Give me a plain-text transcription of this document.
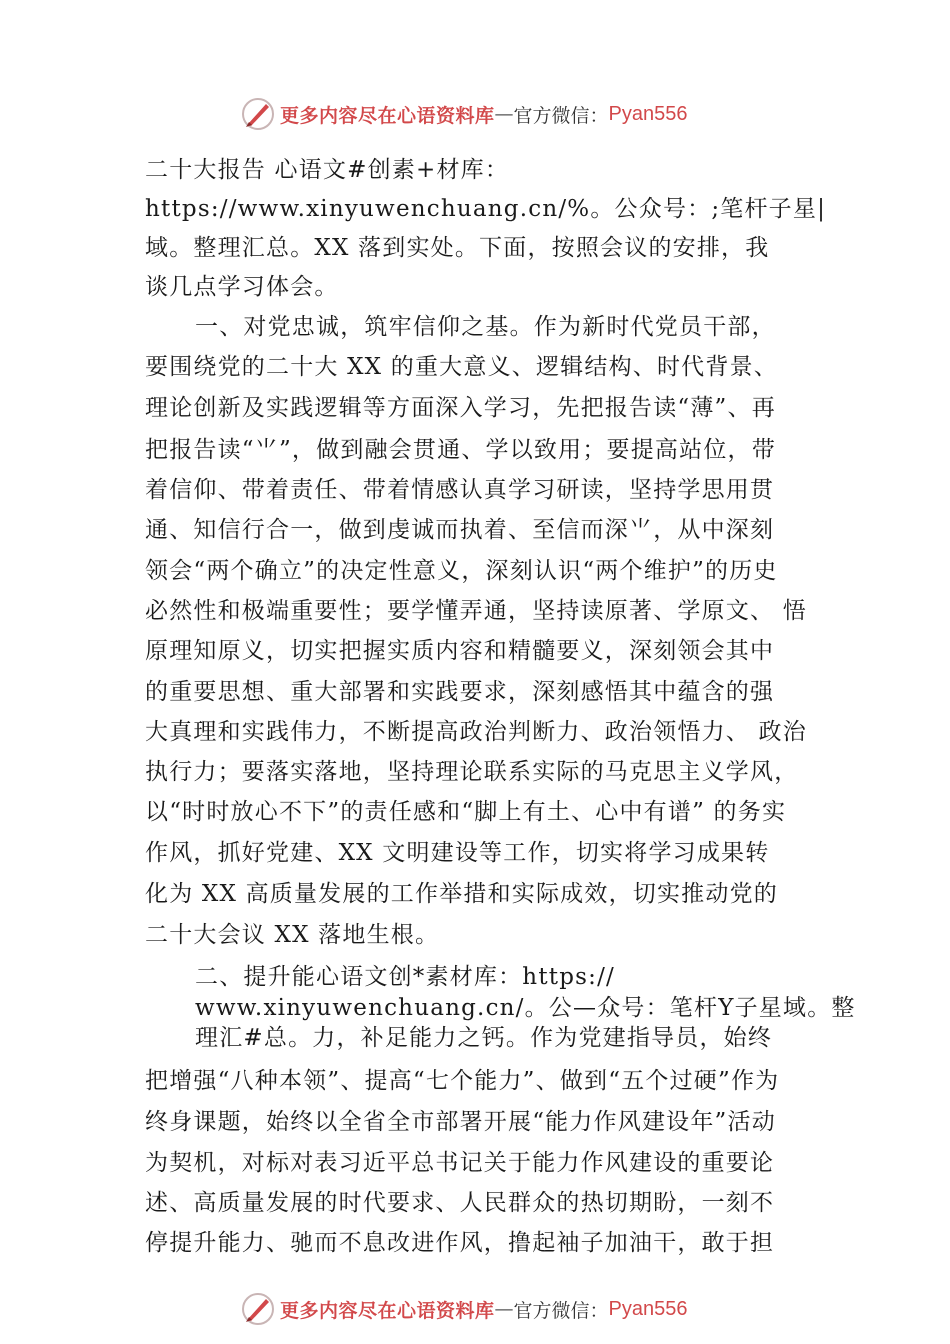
更多内容尽在心语资料库 — 官方微信： Pyan556
二十大报告 心语文#创素+材库：
https://www.xinyuwenchuang.cn/%。公众号：;笔杆子星|
域。整理汇总。XX 落到实处。下面，按照会议的安排，我
谈几点学习体会。
一、对党忠诚，筑牢信仰之基。作为新时代党员干部，
要围绕党的二十大 XX 的重大意义、逻辑结构、时代背景、
理论创新及实践逻辑等方面深入学习，先把报告读“薄”、再
把报告读“⺌”，做到融会贯通、学以致用；要提高站位，带
着信仰、带着责任、带着情感认真学习研读，坚持学思用贯
通、知信行合一，做到虔诚而执着、至信而深⺌，从中深刻
领会“两个确立”的决定性意义，深刻认识“两个维护”的历史
必然性和极端重要性；要学懂弄通，坚持读原著、学原文、 悟
原理知原义，切实把握实质内容和精髓要义，深刻领会其中
的重要思想、重大部署和实践要求，深刻感悟其中蕴含的强
大真理和实践伟力，不断提高政治判断力、政治领悟力、 政治
执行力；要落实落地，坚持理论联系实际的马克思主义学风，
以“时时放心不下”的责任感和“脚上有土、心中有谱” 的务实
作风，抓好党建、XX 文明建设等工作，切实将学习成果转
化为 XX 高质量发展的工作举措和实际成效，切实推动党的
二十大会议 XX 落地生根。
二、提升能心语文创*素材库：https://
www.xinyuwenchuang.cn/。公—众号：笔杆Y子星域。整
理汇#总。力，补足能力之钙。作为党建指导员，始终
把增强“八种本领”、提高“七个能力”、做到“五个过硬”作为
终身课题，始终以全省全市部署开展“能力作风建设年”活动
为契机，对标对表习近平总书记关于能力作风建设的重要论
述、高质量发展的时代要求、人民群众的热切期盼，一刻不
停提升能力、驰而不息改进作风，撸起袖子加油干，敢于担
更多内容尽在心语资料库 — 官方微信： Pyan556
